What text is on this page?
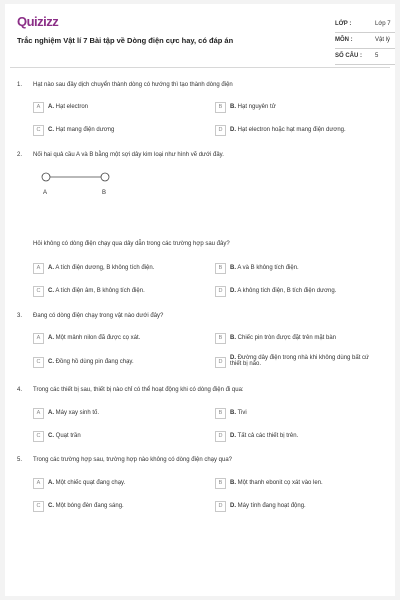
Quizizz
Trắc nghiệm Vật lí 7 Bài tập về Dòng điện cực hay, có đáp án
LỚP :	Lớp 7
MÔN :	Vật lý
SỐ CÂU : 5
1. Hạt nào sau đây dịch chuyển thành dòng có hướng thì tạo thành dòng điện
A	A. Hạt electron	B	B. Hạt nguyên tử
C	C. Hạt mang điện dương	D	D. Hạt electron hoặc hạt mang điện dương.
2. Nối hai quả cầu A và B bằng một sợi dây kim loại như hình vẽ dưới đây.
A	B
Hỏi không có dòng điện chạy qua dây dẫn trong các trường hợp sau đây?
A	A. A tích điện dương, B không tích điện.	B	B. A và B không tích điện.
C	C. A tích điện âm, B không tích điện.	D	D. A không tích điện, B tích điện dương.
3. Đang có dòng điện chạy trong vật nào dưới đây?
A	A. Một mảnh nilon đã được cọ xát.	B	B. Chiếc pin tròn được đặt trên mặt bàn
C	C. Đồng hồ dùng pin đang chạy.	D
D. Đường dây điện trong nhà khi không dùng bất cứ thiết bị nào.
4. Trong các thiết bị sau, thiết bị nào chỉ có thể hoạt động khi có dòng điện đi qua:
A	A. Máy xay sinh tố.	B	B. Tivi
C	C. Quạt trần	D	D. Tất cả các thiết bị trên.
5. Trong các trường hợp sau, trường hợp nào không có dòng điện chạy qua?
A	A. Một chiếc quạt đang chạy.	B	B. Một thanh ebonit cọ xát vào len.
C	C. Một bóng đèn đang sáng.	D	D. Máy tính đang hoạt động.
